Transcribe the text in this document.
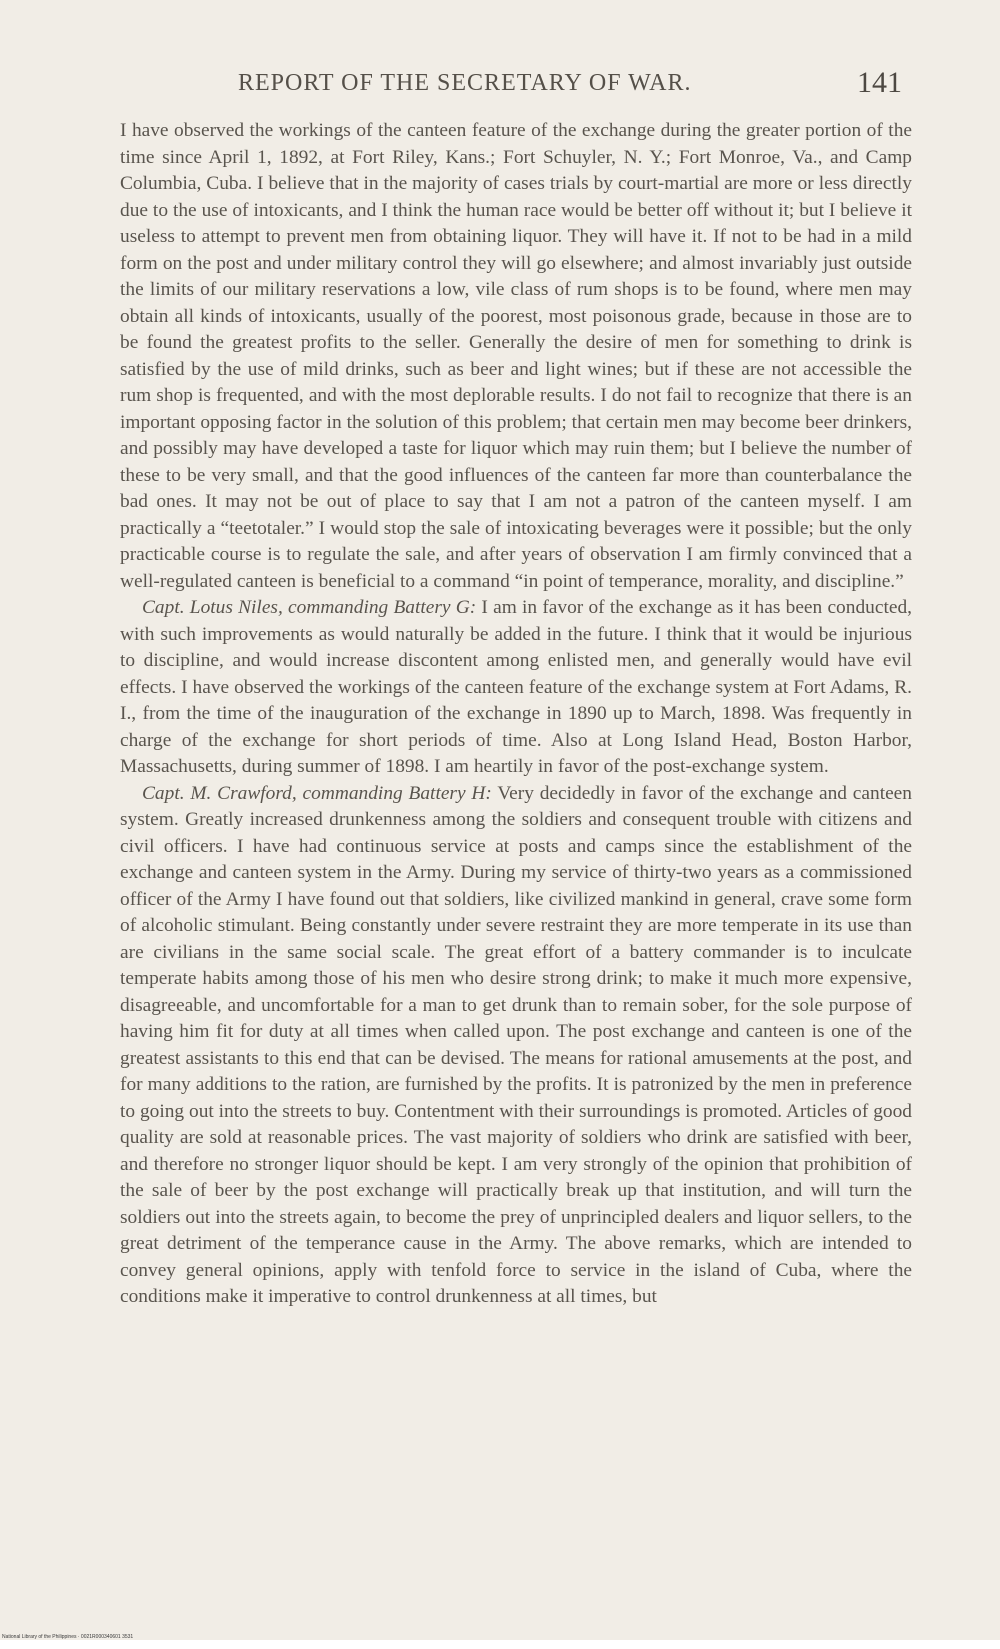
REPORT OF THE SECRETARY OF WAR.	141

I have observed the workings of the canteen feature of the exchange during the greater portion of the time since April 1, 1892, at Fort Riley, Kans.; Fort Schuyler, N. Y.; Fort Monroe, Va., and Camp Columbia, Cuba. I believe that in the majority of cases trials by court-martial are more or less directly due to the use of intoxicants, and I think the human race would be better off without it; but I believe it useless to attempt to prevent men from obtaining liquor. They will have it. If not to be had in a mild form on the post and under military control they will go elsewhere; and almost invariably just outside the limits of our military reservations a low, vile class of rum shops is to be found, where men may obtain all kinds of intoxicants, usually of the poorest, most poisonous grade, because in those are to be found the greatest profits to the seller. Generally the desire of men for something to drink is satisfied by the use of mild drinks, such as beer and light wines; but if these are not accessible the rum shop is frequented, and with the most deplorable results. I do not fail to recognize that there is an important opposing factor in the solution of this problem; that certain men may become beer drinkers, and possibly may have developed a taste for liquor which may ruin them; but I believe the number of these to be very small, and that the good influences of the canteen far more than counterbalance the bad ones. It may not be out of place to say that I am not a patron of the canteen myself. I am practically a “teetotaler.” I would stop the sale of intoxicating beverages were it possible; but the only practicable course is to regulate the sale, and after years of observation I am firmly convinced that a well-regulated canteen is beneficial to a command “in point of temperance, morality, and discipline.”

Capt. Lotus Niles, commanding Battery G: I am in favor of the exchange as it has been conducted, with such improvements as would naturally be added in the future. I think that it would be injurious to discipline, and would increase discontent among enlisted men, and generally would have evil effects. I have observed the workings of the canteen feature of the exchange system at Fort Adams, R. I., from the time of the inauguration of the exchange in 1890 up to March, 1898. Was frequently in charge of the exchange for short periods of time. Also at Long Island Head, Boston Harbor, Massachusetts, during summer of 1898. I am heartily in favor of the post-exchange system.

Capt. M. Crawford, commanding Battery H: Very decidedly in favor of the exchange and canteen system. Greatly increased drunkenness among the soldiers and consequent trouble with citizens and civil officers. I have had continuous service at posts and camps since the establishment of the exchange and canteen system in the Army. During my service of thirty-two years as a commissioned officer of the Army I have found out that soldiers, like civilized mankind in general, crave some form of alcoholic stimulant. Being constantly under severe restraint they are more temperate in its use than are civilians in the same social scale. The great effort of a battery commander is to inculcate temperate habits among those of his men who desire strong drink; to make it much more expensive, disagreeable, and uncomfortable for a man to get drunk than to remain sober, for the sole purpose of having him fit for duty at all times when called upon. The post exchange and canteen is one of the greatest assistants to this end that can be devised. The means for rational amusements at the post, and for many additions to the ration, are furnished by the profits. It is patronized by the men in preference to going out into the streets to buy. Contentment with their surroundings is promoted. Articles of good quality are sold at reasonable prices. The vast majority of soldiers who drink are satisfied with beer, and therefore no stronger liquor should be kept. I am very strongly of the opinion that prohibition of the sale of beer by the post exchange will practically break up that institution, and will turn the soldiers out into the streets again, to become the prey of unprincipled dealers and liquor sellers, to the great detriment of the temperance cause in the Army. The above remarks, which are intended to convey general opinions, apply with tenfold force to service in the island of Cuba, where the conditions make it imperative to control drunkenness at all times, but

National Library of the Philippines · 0021R000340601 3531
